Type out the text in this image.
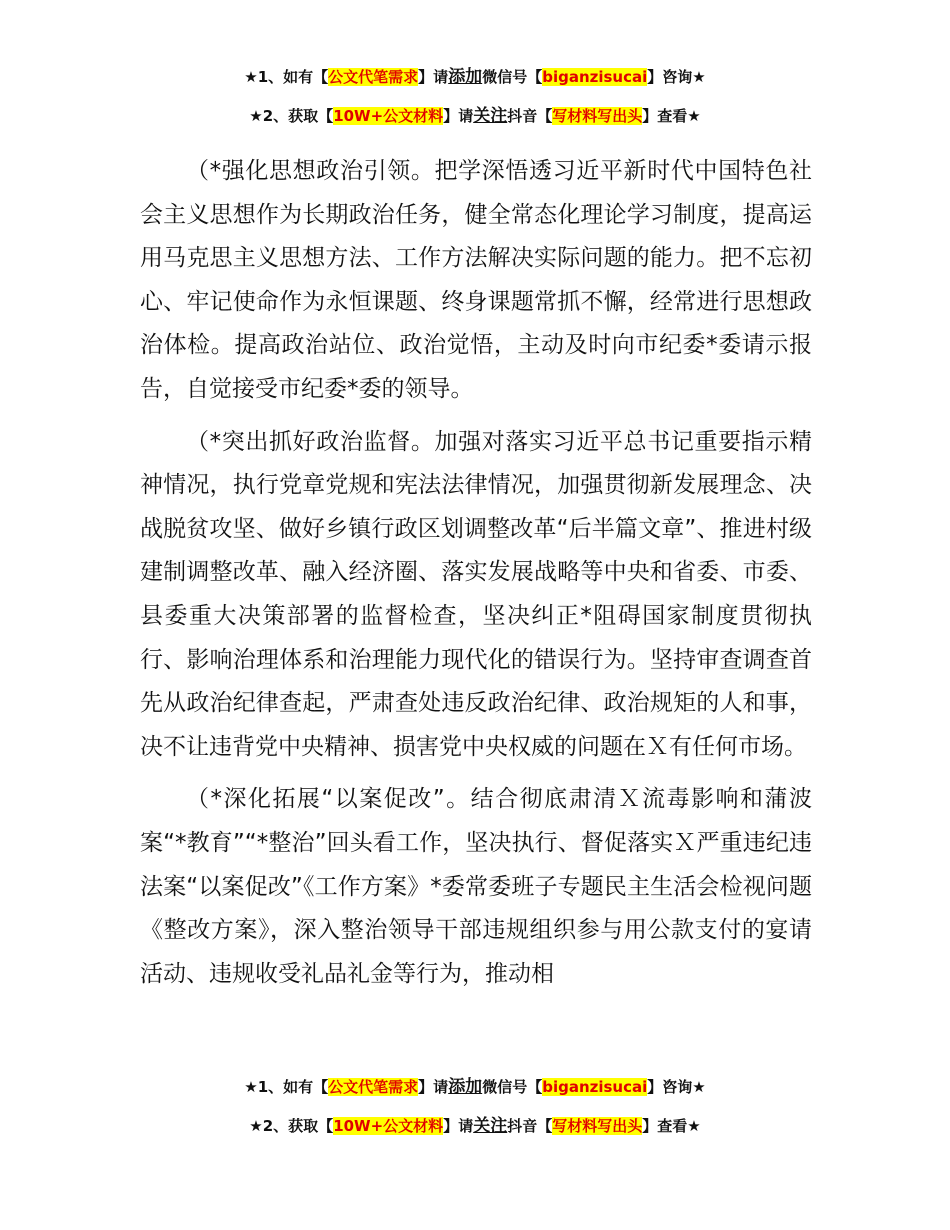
★1、如有【公文代笔需求】请添加微信号【biganzisucai】咨询★
★2、获取【10W+公文材料】请关注抖音【写材料写出头】查看★

（*强化思想政治引领。把学深悟透习近平新时代中国特色社会主义思想作为长期政治任务，健全常态化理论学习制度，提高运用马克思主义思想方法、工作方法解决实际问题的能力。把不忘初心、牢记使命作为永恒课题、终身课题常抓不懈，经常进行思想政治体检。提高政治站位、政治觉悟，主动及时向市纪委*委请示报告，自觉接受市纪委*委的领导。

（*突出抓好政治监督。加强对落实习近平总书记重要指示精神情况，执行党章党规和宪法法律情况，加强贯彻新发展理念、决战脱贫攻坚、做好乡镇行政区划调整改革“后半篇文章”、推进村级建制调整改革、融入经济圈、落实发展战略等中央和省委、市委、县委重大决策部署的监督检查，坚决纠正*阻碍国家制度贯彻执行、影响治理体系和治理能力现代化的错误行为。坚持审查调查首先从政治纪律查起，严肃查处违反政治纪律、政治规矩的人和事，决不让违背党中央精神、损害党中央权威的问题在Ｘ有任何市场。

（*深化拓展“以案促改”。结合彻底肃清Ｘ流毒影响和蒲波案“*教育”“*整治”回头看工作，坚决执行、督促落实Ｘ严重违纪违法案“以案促改”《工作方案》*委常委班子专题民主生活会检视问题《整改方案》，深入整治领导干部违规组织参与用公款支付的宴请活动、违规收受礼品礼金等行为，推动相

★1、如有【公文代笔需求】请添加微信号【biganzisucai】咨询★
★2、获取【10W+公文材料】请关注抖音【写材料写出头】查看★
